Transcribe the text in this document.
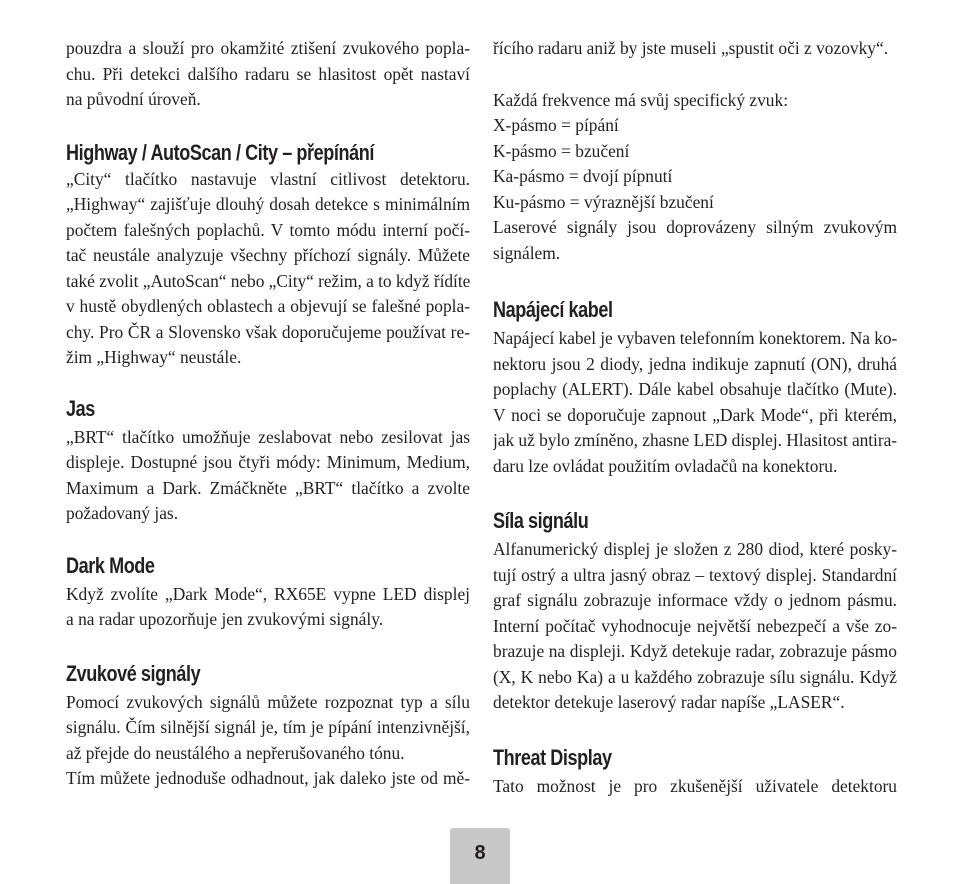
pouzdra a slouží pro okamžité ztišení zvukového popla-
chu. Při detekci dalšího radaru se hlasitost opět nastaví
na původní úroveň.
Highway / AutoScan / City – přepínání
„City“ tlačítko nastavuje vlastní citlivost detektoru.
„Highway“ zajišťuje dlouhý dosah detekce s minimálním
počtem falešných poplachů. V tomto módu interní počí-
tač neustále analyzuje všechny příchozí signály. Můžete
také zvolit „AutoScan“ nebo „City“ režim, a to když řídíte
v hustě obydlených oblastech a objevují se falešné popla-
chy. Pro ČR a Slovensko však doporučujeme používat re-
žim „Highway“ neustále.
Jas
„BRT“ tlačítko umožňuje zeslabovat nebo zesilovat jas
displeje. Dostupné jsou čtyři módy: Minimum, Medium,
Maximum a Dark. Zmáčkněte „BRT“ tlačítko a zvolte
požadovaný jas.
Dark Mode
Když zvolíte „Dark Mode“, RX65E vypne LED displej
a na radar upozorňuje jen zvukovými signály.
Zvukové signály
Pomocí zvukových signálů můžete rozpoznat typ a sílu
signálu. Čím silnější signál je, tím je pípání intenzivnější,
až přejde do neustálého a nepřerušovaného tónu.
Tím můžete jednoduše odhadnout, jak daleko jste od mě-
řícího radaru aniž by jste museli „spustit oči z vozovky“.
Každá frekvence má svůj specifický zvuk:
X-pásmo = pípání
K-pásmo = bzučení
Ka-pásmo = dvojí pípnutí
Ku-pásmo = výraznější bzučení
Laserové signály jsou doprovázeny silným zvukovým
signálem.
Napájecí kabel
Napájecí kabel je vybaven telefonním konektorem. Na ko-
nektoru jsou 2 diody, jedna indikuje zapnutí (ON), druhá
poplachy (ALERT). Dále kabel obsahuje tlačítko (Mute).
V noci se doporučuje zapnout „Dark Mode“, při kterém,
jak už bylo zmíněno, zhasne LED displej. Hlasitost antira-
daru lze ovládat použitím ovladačů na konektoru.
Síla signálu
Alfanumerický displej je složen z 280 diod, které posky-
tují ostrý a ultra jasný obraz – textový displej. Standardní
graf signálu zobrazuje informace vždy o jednom pásmu.
Interní počítač vyhodnocuje největší nebezpečí a vše zo-
brazuje na displeji. Když detekuje radar, zobrazuje pásmo
(X, K nebo Ka) a u každého zobrazuje sílu signálu. Když
detektor detekuje laserový radar napíše „LASER“.
Threat Display
Tato možnost je pro zkušenější uživatele detektoru
8
